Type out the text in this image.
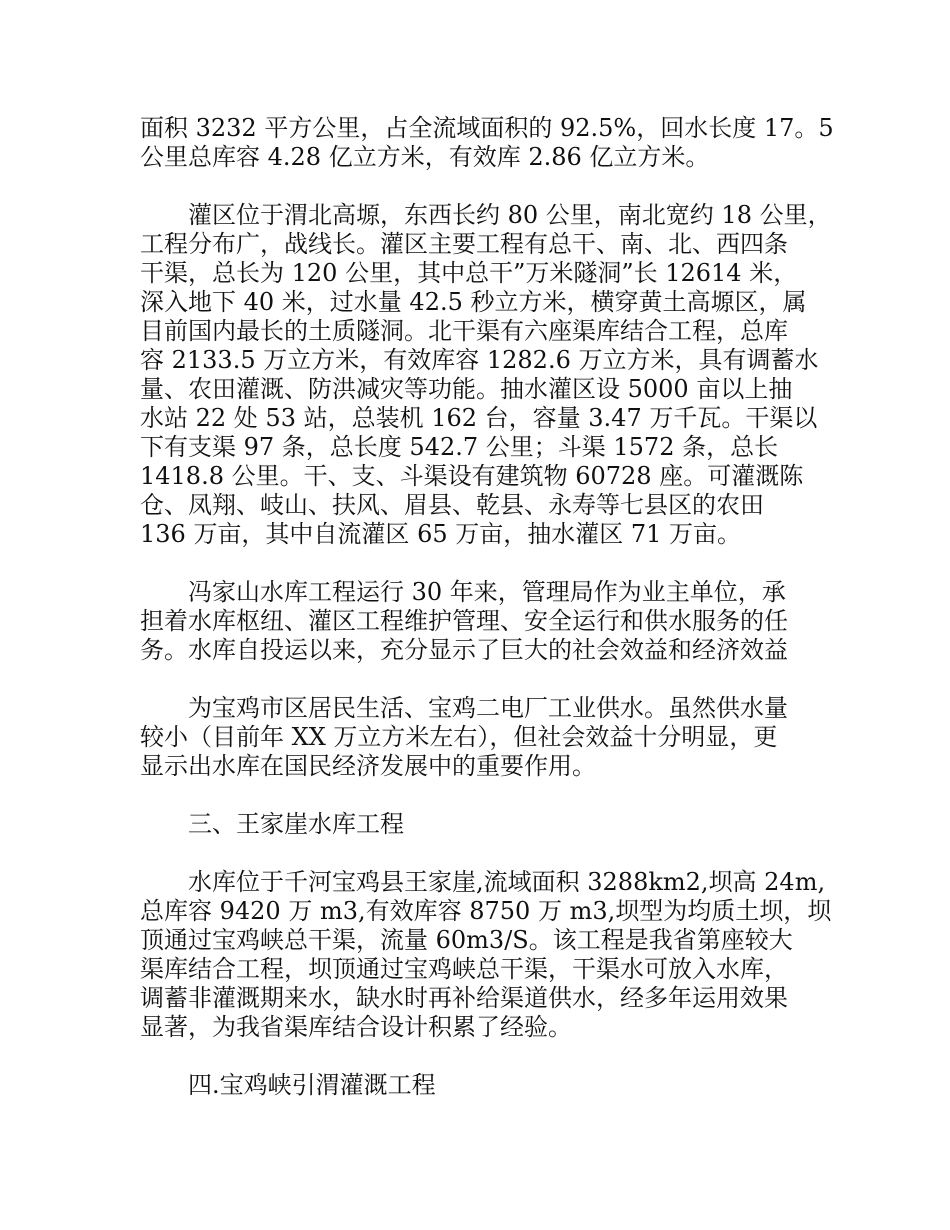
面积 3232 平方公里，占全流域面积的 92.5%，回水长度 17。5
公里总库容 4.28 亿立方米，有效库 2.86 亿立方米。
灌区位于渭北高塬，东西长约 80 公里，南北宽约 18 公里，
工程分布广，战线长。灌区主要工程有总干、南、北、西四条
干渠，总长为 120 公里，其中总干”万米隧洞”长 12614 米，
深入地下 40 米，过水量 42.5 秒立方米，横穿黄土高塬区，属
目前国内最长的土质隧洞。北干渠有六座渠库结合工程，总库
容 2133.5 万立方米，有效库容 1282.6 万立方米，具有调蓄水
量、农田灌溉、防洪减灾等功能。抽水灌区设 5000 亩以上抽
水站 22 处 53 站，总装机 162 台，容量 3.47 万千瓦。干渠以
下有支渠 97 条，总长度 542.7 公里；斗渠 1572 条，总长
1418.8 公里。干、支、斗渠设有建筑物 60728 座。可灌溉陈
仓、凤翔、岐山、扶风、眉县、乾县、永寿等七县区的农田
136 万亩，其中自流灌区 65 万亩，抽水灌区 71 万亩。
冯家山水库工程运行 30 年来，管理局作为业主单位，承
担着水库枢纽、灌区工程维护管理、安全运行和供水服务的任
务。水库自投运以来，充分显示了巨大的社会效益和经济效益
为宝鸡市区居民生活、宝鸡二电厂工业供水。虽然供水量
较小（目前年 XX 万立方米左右），但社会效益十分明显，更
显示出水库在国民经济发展中的重要作用。
三、王家崖水库工程
水库位于千河宝鸡县王家崖,流域面积 3288km2,坝高 24m,
总库容 9420 万 m3,有效库容 8750 万 m3,坝型为均质土坝，坝
顶通过宝鸡峡总干渠，流量 60m3/S。该工程是我省第座较大
渠库结合工程，坝顶通过宝鸡峡总干渠，干渠水可放入水库，
调蓄非灌溉期来水，缺水时再补给渠道供水，经多年运用效果
显著，为我省渠库结合设计积累了经验。
四.宝鸡峡引渭灌溉工程
